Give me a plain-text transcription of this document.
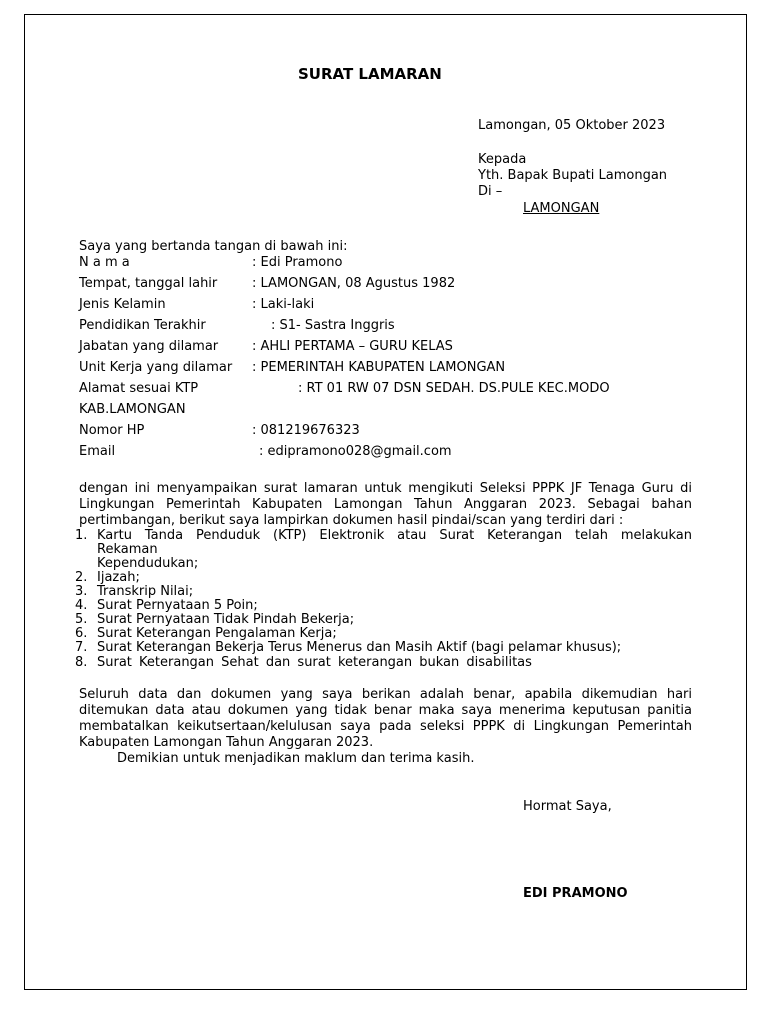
SURAT LAMARAN
Lamongan, 05 Oktober 2023
Kepada
Yth. Bapak Bupati Lamongan
Di –
LAMONGAN
Saya yang bertanda tangan di bawah ini:
N a m a	: Edi Pramono
Tempat, tanggal lahir	: LAMONGAN, 08 Agustus 1982
Jenis Kelamin	: Laki-laki
Pendidikan Terakhir	: S1- Sastra Inggris
Jabatan yang dilamar	: AHLI PERTAMA – GURU KELAS
Unit Kerja yang dilamar : PEMERINTAH KABUPATEN LAMONGAN
Alamat sesuai KTP	: RT 01 RW 07 DSN SEDAH. DS.PULE KEC.MODO
KAB.LAMONGAN
Nomor HP	: 081219676323
Email	: edipramono028@gmail.com
dengan ini menyampaikan surat lamaran untuk mengikuti Seleksi PPPK JF Tenaga Guru di Lingkungan Pemerintah Kabupaten Lamongan Tahun Anggaran 2023. Sebagai bahan pertimbangan, berikut saya lampirkan dokumen hasil pindai/scan yang terdiri dari :
1. Kartu Tanda Penduduk (KTP) Elektronik atau Surat Keterangan telah melakukan
Rekaman
Kependudukan;
2. Ijazah;
3. Transkrip Nilai;
4. Surat Pernyataan 5 Poin;
5. Surat Pernyataan Tidak Pindah Bekerja;
6. Surat Keterangan Pengalaman Kerja;
7. Surat Keterangan Bekerja Terus Menerus dan Masih Aktif (bagi pelamar khusus);
8. Surat Keterangan Sehat dan surat keterangan bukan disabilitas
Seluruh data dan dokumen yang saya berikan adalah benar, apabila dikemudian hari ditemukan data atau dokumen yang tidak benar maka saya menerima keputusan panitia membatalkan keikutsertaan/kelulusan saya pada seleksi PPPK di Lingkungan Pemerintah Kabupaten Lamongan Tahun Anggaran 2023.
Demikian untuk menjadikan maklum dan terima kasih.
Hormat Saya,
EDI PRAMONO
